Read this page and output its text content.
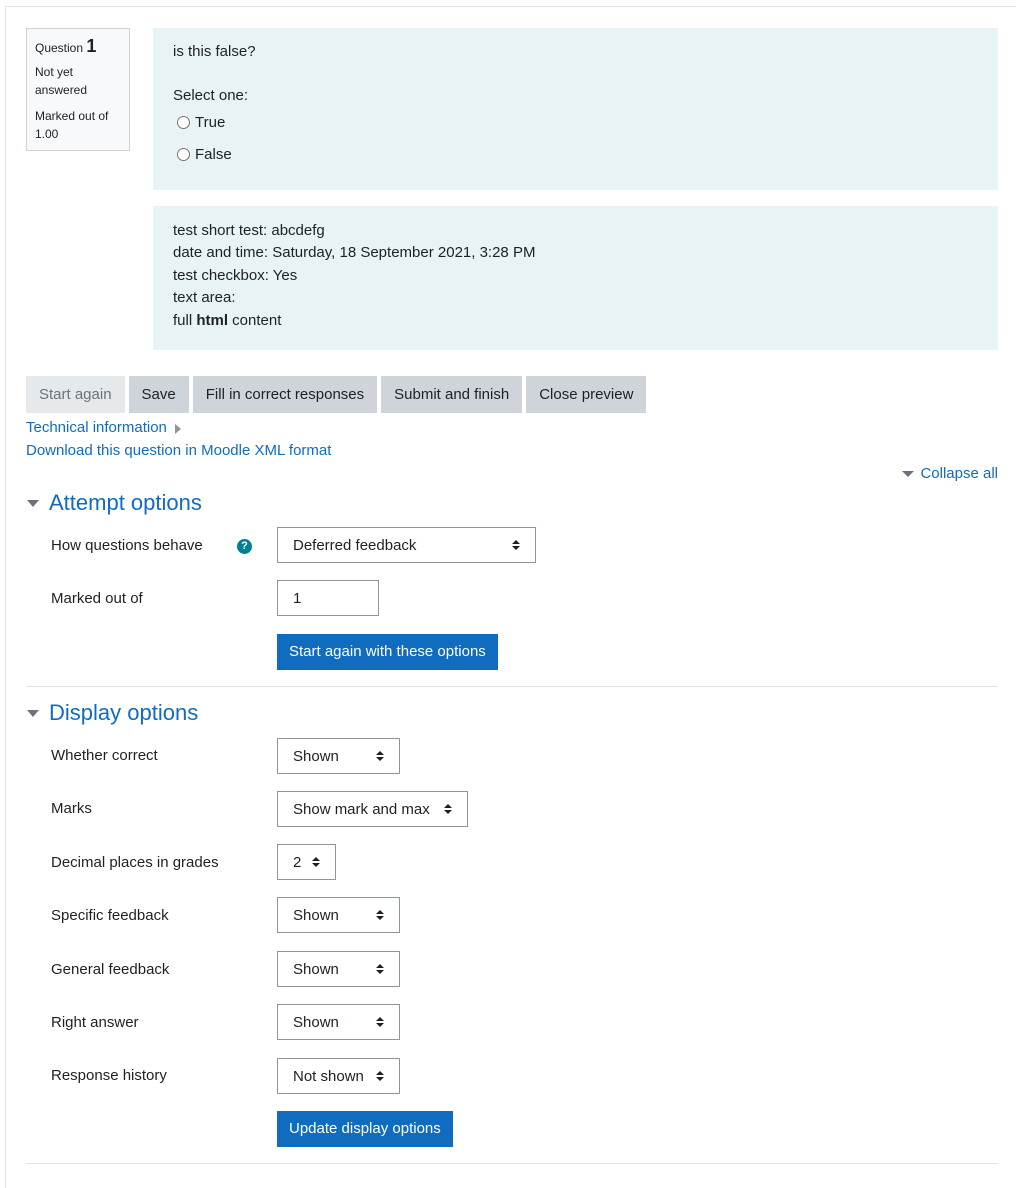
Question 1
Not yet answered
Marked out of 1.00
is this false?
Select one:
True
False
test short test: abcdefg
date and time: Saturday, 18 September 2021, 3:28 PM
test checkbox: Yes
text area:
full html content
Start again	Save	Fill in correct responses	Submit and finish	Close preview
Technical information
Download this question in Moodle XML format
Collapse all
Attempt options
How questions behave	?	Deferred feedback
Marked out of	1
Start again with these options
Display options
Whether correct	Shown
Marks	Show mark and max
Decimal places in grades	2
Specific feedback	Shown
General feedback	Shown
Right answer	Shown
Response history	Not shown
Update display options
